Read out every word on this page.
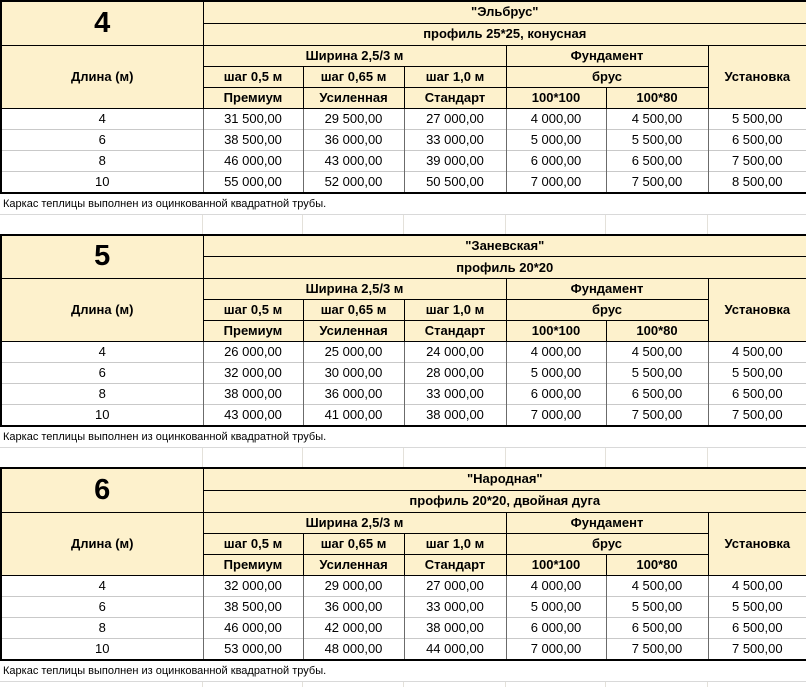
4	"Эльбрус"					
	профиль 25*25, конусная					
Длина (м)	Ширина 2,5/3 м			Фундамент		Установка
	шаг 0,5 м	шаг 0,65 м	шаг 1,0 м	брус		
	Премиум	Усиленная	Стандарт	100*100	100*80	
4	31 500,00	29 500,00	27 000,00	4 000,00	4 500,00	5 500,00
6	38 500,00	36 000,00	33 000,00	5 000,00	5 500,00	6 500,00
8	46 000,00	43 000,00	39 000,00	6 000,00	6 500,00	7 500,00
10	55 000,00	52 000,00	50 500,00	7 000,00	7 500,00	8 500,00
Каркас теплицы выполнен из оцинкованной квадратной трубы.
5	"Заневская"					
	профиль 20*20					
Длина (м)	Ширина 2,5/3 м			Фундамент		Установка
	шаг 0,5 м	шаг 0,65 м	шаг 1,0 м	брус		
	Премиум	Усиленная	Стандарт	100*100	100*80	
4	26 000,00	25 000,00	24 000,00	4 000,00	4 500,00	4 500,00
6	32 000,00	30 000,00	28 000,00	5 000,00	5 500,00	5 500,00
8	38 000,00	36 000,00	33 000,00	6 000,00	6 500,00	6 500,00
10	43 000,00	41 000,00	38 000,00	7 000,00	7 500,00	7 500,00
Каркас теплицы выполнен из оцинкованной квадратной трубы.
6	"Народная"					
	профиль 20*20, двойная дуга					
Длина (м)	Ширина 2,5/3 м			Фундамент		Установка
	шаг 0,5 м	шаг 0,65 м	шаг 1,0 м	брус		
	Премиум	Усиленная	Стандарт	100*100	100*80	
4	32 000,00	29 000,00	27 000,00	4 000,00	4 500,00	4 500,00
6	38 500,00	36 000,00	33 000,00	5 000,00	5 500,00	5 500,00
8	46 000,00	42 000,00	38 000,00	6 000,00	6 500,00	6 500,00
10	53 000,00	48 000,00	44 000,00	7 000,00	7 500,00	7 500,00
Каркас теплицы выполнен из оцинкованной квадратной трубы.
